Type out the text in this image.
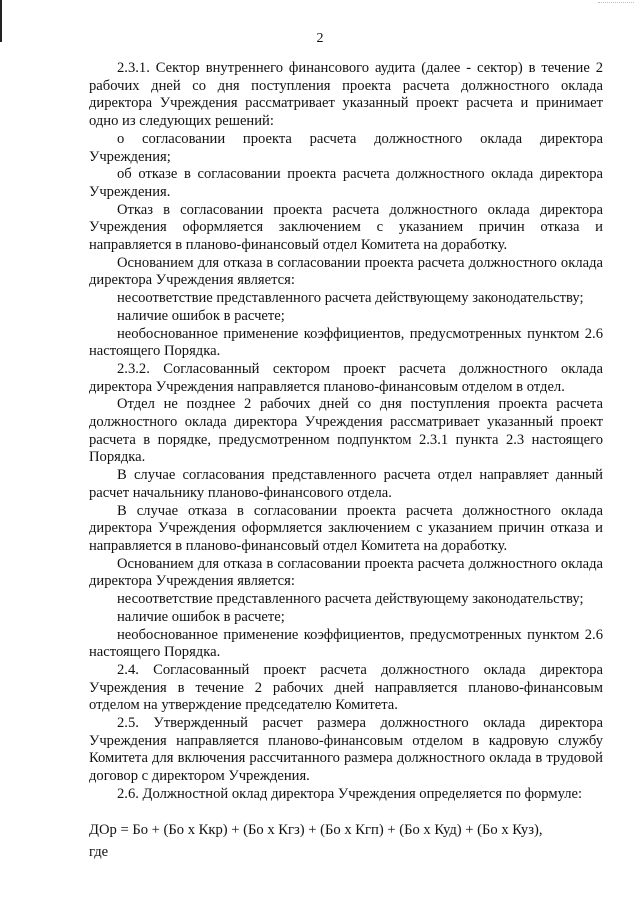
2

2.3.1. Сектор внутреннего финансового аудита (далее - сектор) в течение 2 рабочих дней со дня поступления проекта расчета должностного оклада директора Учреждения рассматривает указанный проект расчета и принимает одно из следующих решений:

о согласовании проекта расчета должностного оклада директора Учреждения;

об отказе в согласовании проекта расчета должностного оклада директора Учреждения.

Отказ в согласовании проекта расчета должностного оклада директора Учреждения оформляется заключением с указанием причин отказа и направляется в планово-финансовый отдел Комитета на доработку.

Основанием для отказа в согласовании проекта расчета должностного оклада директора Учреждения является:

несоответствие представленного расчета действующему законодательству;

наличие ошибок в расчете;

необоснованное применение коэффициентов, предусмотренных пунктом 2.6 настоящего Порядка.

2.3.2. Согласованный сектором проект расчета должностного оклада директора Учреждения направляется планово-финансовым отделом в отдел.

Отдел не позднее 2 рабочих дней со дня поступления проекта расчета должностного оклада директора Учреждения рассматривает указанный проект расчета в порядке, предусмотренном подпунктом 2.3.1 пункта 2.3 настоящего Порядка.

В случае согласования представленного расчета отдел направляет данный расчет начальнику планово-финансового отдела.

В случае отказа в согласовании проекта расчета должностного оклада директора Учреждения оформляется заключением с указанием причин отказа и направляется в планово-финансовый отдел Комитета на доработку.

Основанием для отказа в согласовании проекта расчета должностного оклада директора Учреждения является:

несоответствие представленного расчета действующему законодательству;

наличие ошибок в расчете;

необоснованное применение коэффициентов, предусмотренных пунктом 2.6 настоящего Порядка.

2.4. Согласованный проект расчета должностного оклада директора Учреждения в течение 2 рабочих дней направляется планово-финансовым отделом на утверждение председателю Комитета.

2.5. Утвержденный расчет размера должностного оклада директора Учреждения направляется планово-финансовым отделом в кадровую службу Комитета для включения рассчитанного размера должностного оклада в трудовой договор с директором Учреждения.

2.6. Должностной оклад директора Учреждения определяется по формуле:

ДОр = Бо + (Бо х Ккр) + (Бо х Кгз) + (Бо х Кгп) + (Бо х Куд) + (Бо х Куз),

где
